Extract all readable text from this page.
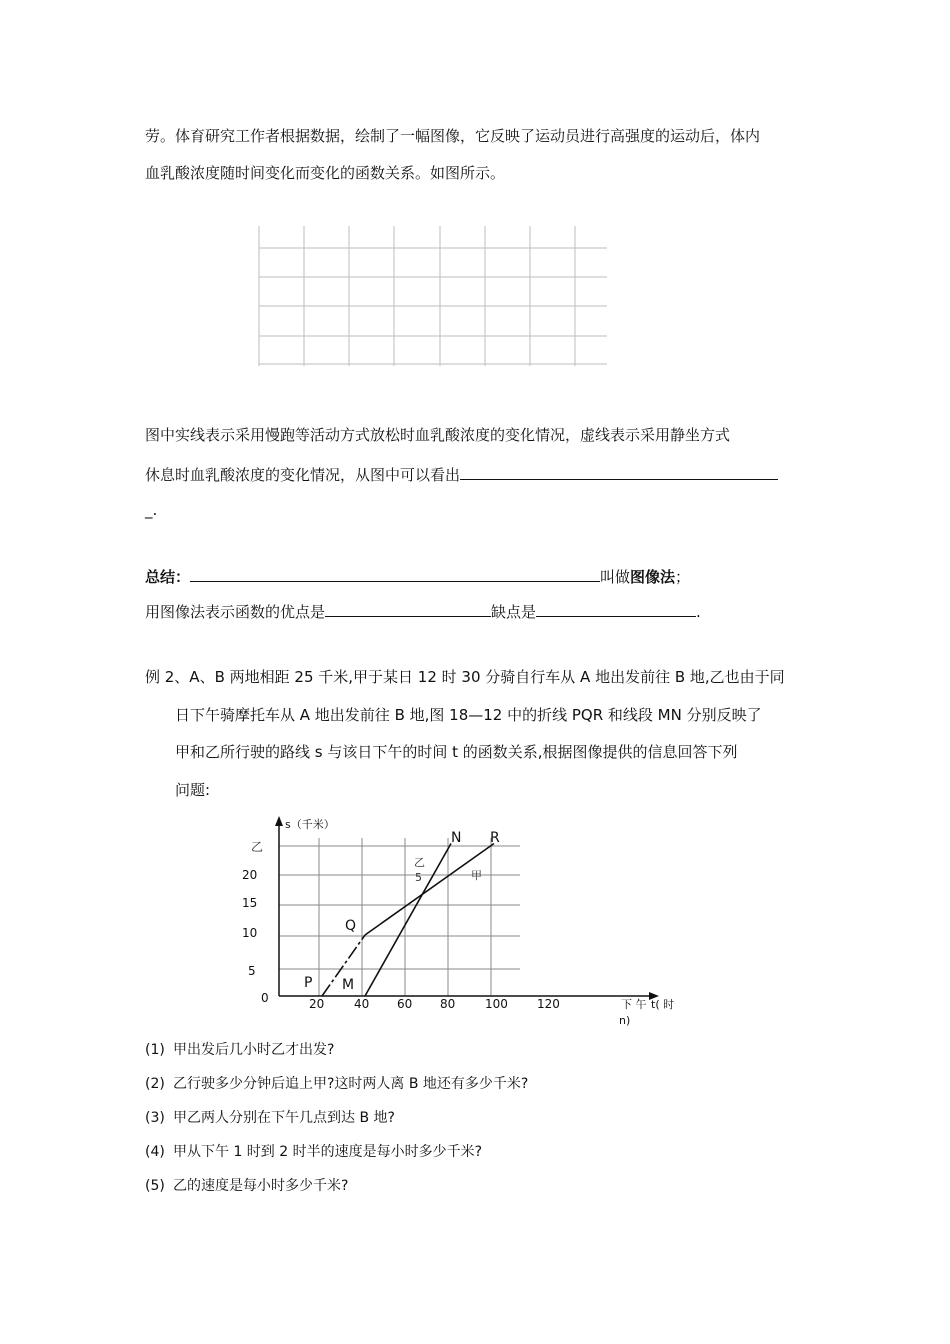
劳。体育研究工作者根据数据，绘制了一幅图像，它反映了运动员进行高强度的运动后，体内
血乳酸浓度随时间变化而变化的函数关系。如图所示。
图中实线表示采用慢跑等活动方式放松时血乳酸浓度的变化情况，虚线表示采用静坐方式
休息时血乳酸浓度的变化情况，从图中可以看出
_.
总结：	叫做图像法；
用图像法表示函数的优点是	缺点是	.
例 2、A、B 两地相距 25 千米,甲于某日 12 时 30 分骑自行车从 A 地出发前往 B 地,乙也由于同
日下午骑摩托车从 A 地出发前往 B 地,图 18—12 中的折线 PQR 和线段 MN 分别反映了
甲和乙所行驶的路线 s 与该日下午的时间 t 的函数关系,根据图像提供的信息回答下列
问题:
s（千米）
乙
20
15
10
5
0	20 40 60 80 100 120	下 午 t( 时
n)
N R
Q
P M
乙
5	甲
(1) 甲出发后几小时乙才出发?
(2) 乙行驶多少分钟后追上甲?这时两人离 B 地还有多少千米?
(3) 甲乙两人分别在下午几点到达 B 地?
(4) 甲从下午 1 时到 2 时半的速度是每小时多少千米?
(5) 乙的速度是每小时多少千米?
